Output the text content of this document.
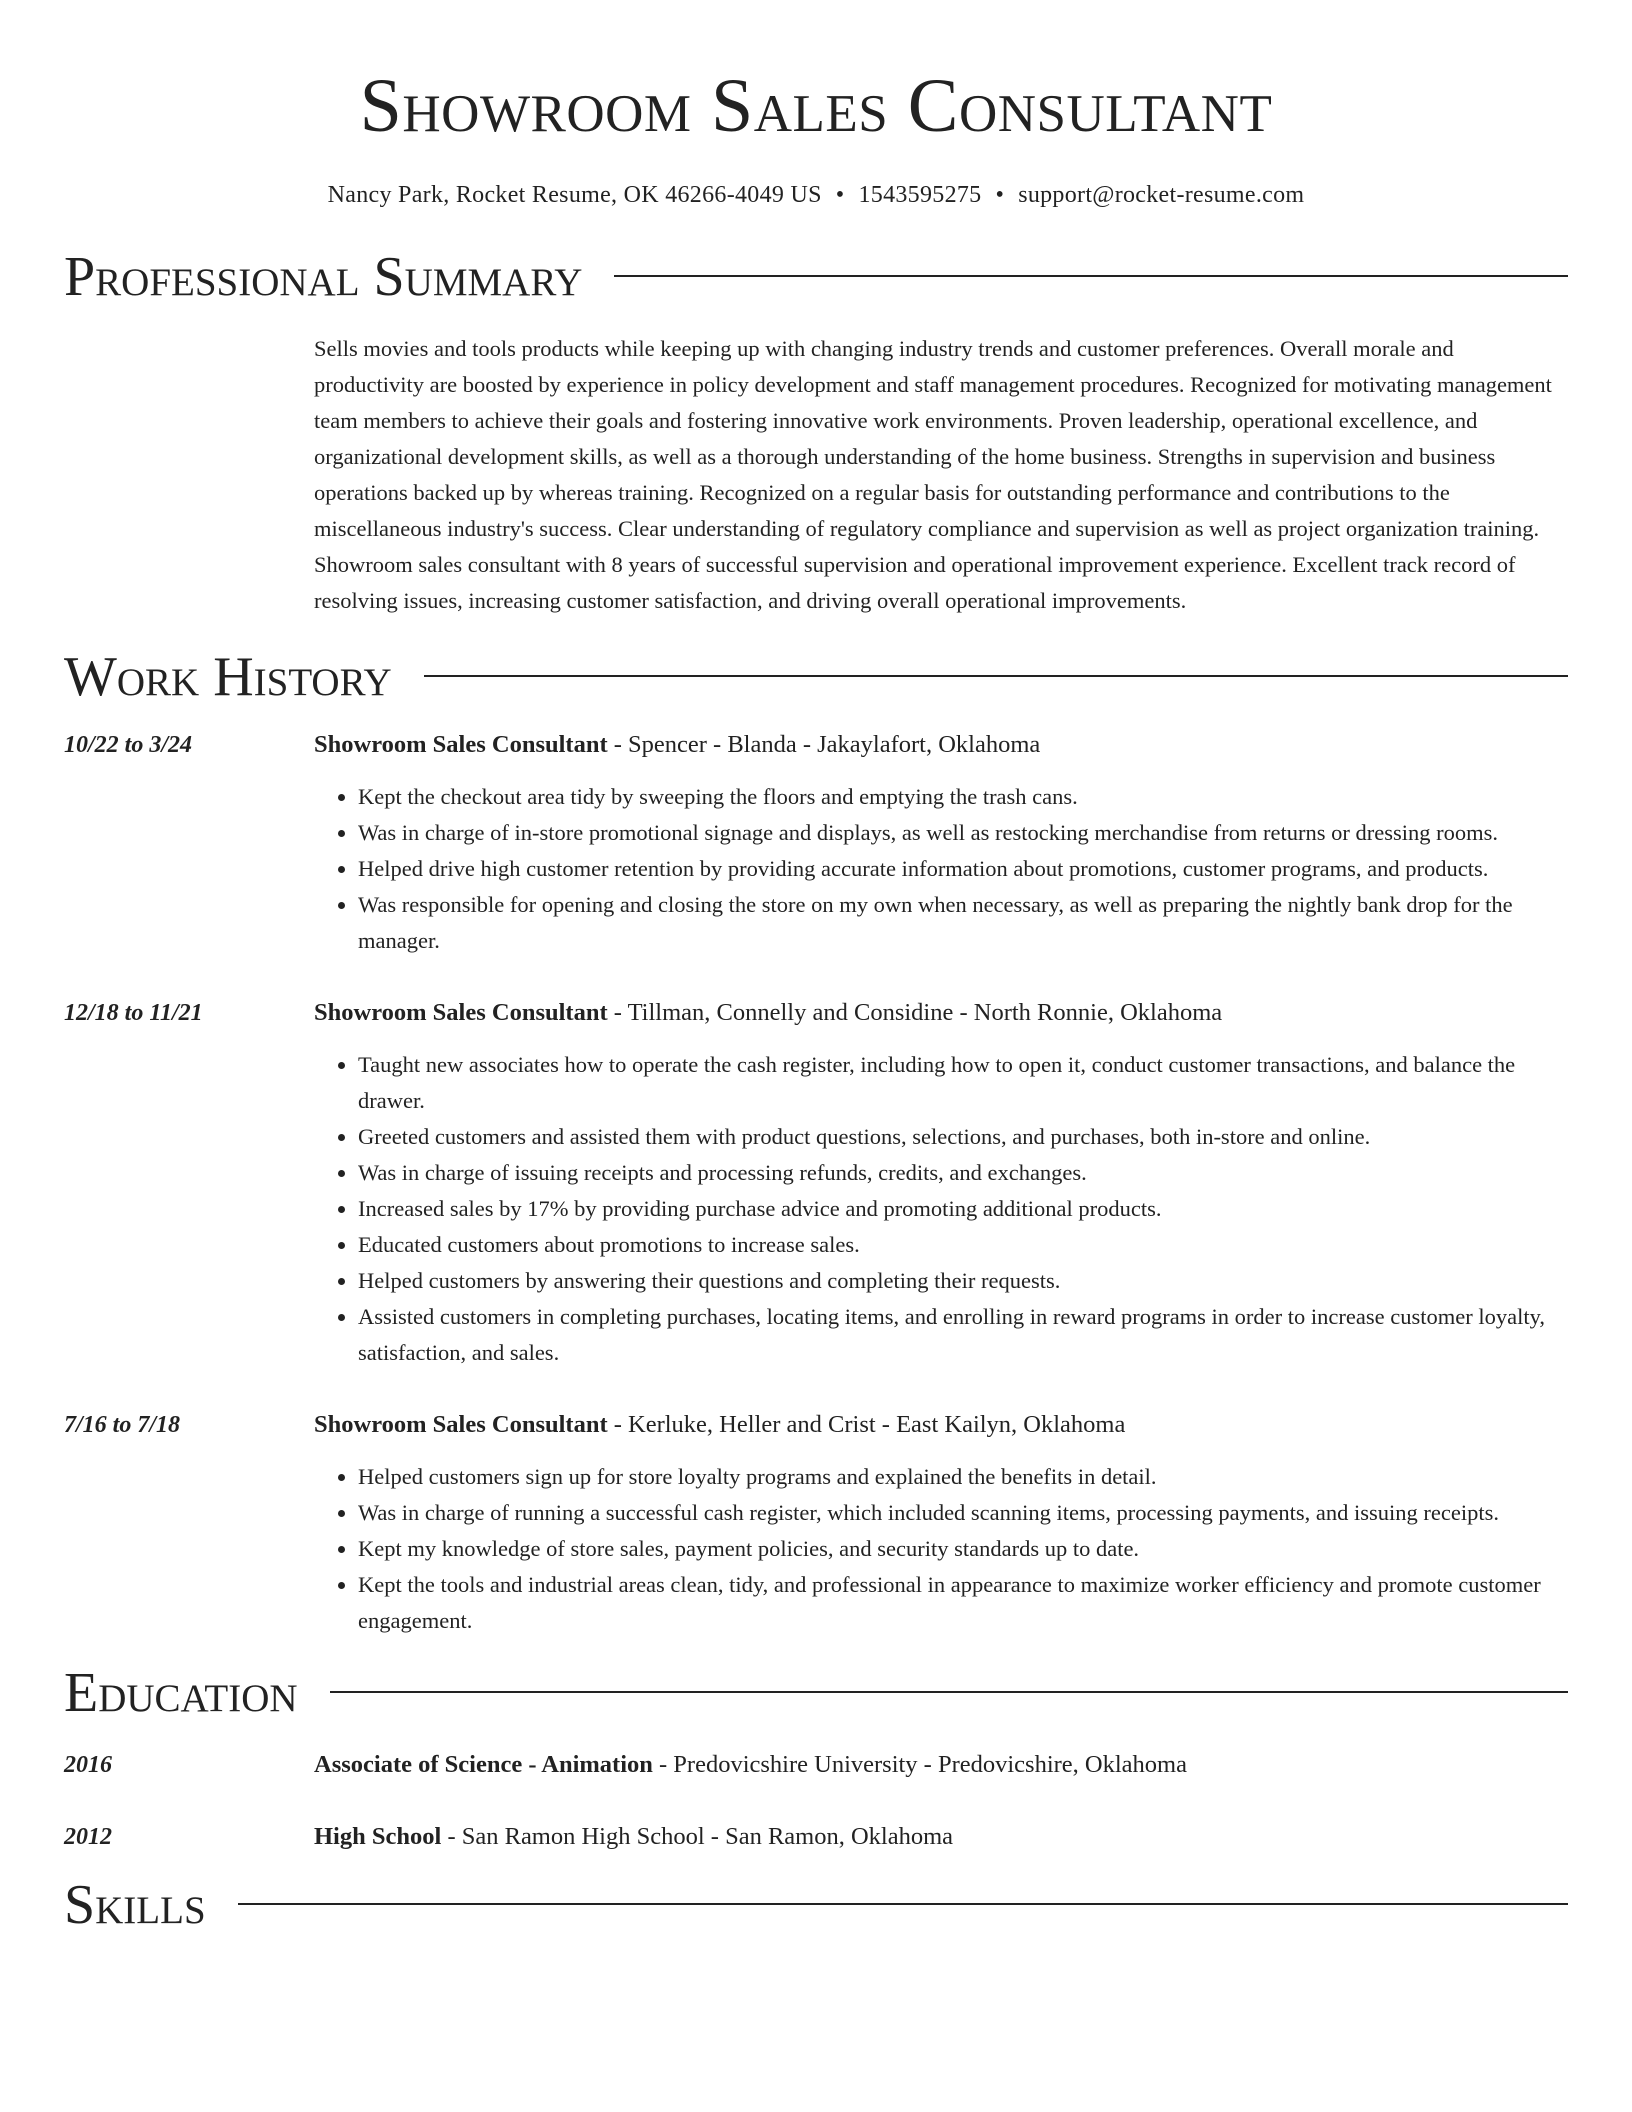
Showroom Sales Consultant
Nancy Park, Rocket Resume, OK 46266-4049 US • 1543595275 • support@rocket-resume.com
Professional Summary
Sells movies and tools products while keeping up with changing industry trends and customer preferences. Overall morale and productivity are boosted by experience in policy development and staff management procedures. Recognized for motivating management team members to achieve their goals and fostering innovative work environments. Proven leadership, operational excellence, and organizational development skills, as well as a thorough understanding of the home business. Strengths in supervision and business operations backed up by whereas training. Recognized on a regular basis for outstanding performance and contributions to the miscellaneous industry's success. Clear understanding of regulatory compliance and supervision as well as project organization training. Showroom sales consultant with 8 years of successful supervision and operational improvement experience. Excellent track record of resolving issues, increasing customer satisfaction, and driving overall operational improvements.
Work History
10/22 to 3/24	Showroom Sales Consultant - Spencer - Blanda - Jakaylafort, Oklahoma
• Kept the checkout area tidy by sweeping the floors and emptying the trash cans.
• Was in charge of in-store promotional signage and displays, as well as restocking merchandise from returns or dressing rooms.
• Helped drive high customer retention by providing accurate information about promotions, customer programs, and products.
• Was responsible for opening and closing the store on my own when necessary, as well as preparing the nightly bank drop for the manager.
12/18 to 11/21	Showroom Sales Consultant - Tillman, Connelly and Considine - North Ronnie, Oklahoma
• Taught new associates how to operate the cash register, including how to open it, conduct customer transactions, and balance the drawer.
• Greeted customers and assisted them with product questions, selections, and purchases, both in-store and online.
• Was in charge of issuing receipts and processing refunds, credits, and exchanges.
• Increased sales by 17% by providing purchase advice and promoting additional products.
• Educated customers about promotions to increase sales.
• Helped customers by answering their questions and completing their requests.
• Assisted customers in completing purchases, locating items, and enrolling in reward programs in order to increase customer loyalty, satisfaction, and sales.
7/16 to 7/18	Showroom Sales Consultant - Kerluke, Heller and Crist - East Kailyn, Oklahoma
• Helped customers sign up for store loyalty programs and explained the benefits in detail.
• Was in charge of running a successful cash register, which included scanning items, processing payments, and issuing receipts.
• Kept my knowledge of store sales, payment policies, and security standards up to date.
• Kept the tools and industrial areas clean, tidy, and professional in appearance to maximize worker efficiency and promote customer engagement.
Education
2016	Associate of Science - Animation - Predovicshire University - Predovicshire, Oklahoma
2012	High School - San Ramon High School - San Ramon, Oklahoma
Skills
